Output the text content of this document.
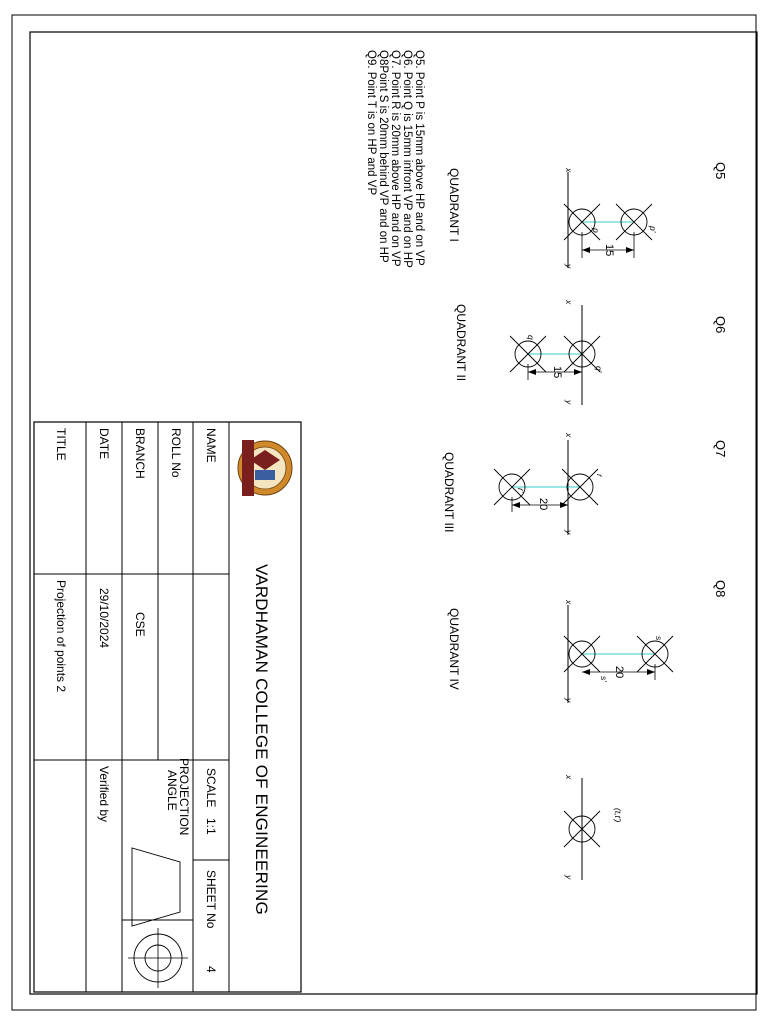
Q5
Q6
Q7
Q8
QUADRANT I
QUADRANT II
QUADRANT III
QUADRANT IV
Q5. Point P is 15mm above HP and on VP
Q6. Point Q is 15mm infront VP and on HP
Q7. Point R is 20mm above HP and on VP
Q8Point S is 20mm behind VP and on HP
Q9. Point T is on HP and VP	x
y
x
y
x
y
x
y
x
y
p'
p
q'
q
r
r'
s'
s
(t,t')
15
15
20
20
VARDHAMAN COLLEGE OF ENGINEERING
NAME
ROLL No
BRANCH
CSE
DATE
29/10/2024
TITLE
Projection of points 2
SCALE
1:1
SHEET No
4
PROJECTION
ANGLE
Verified by
